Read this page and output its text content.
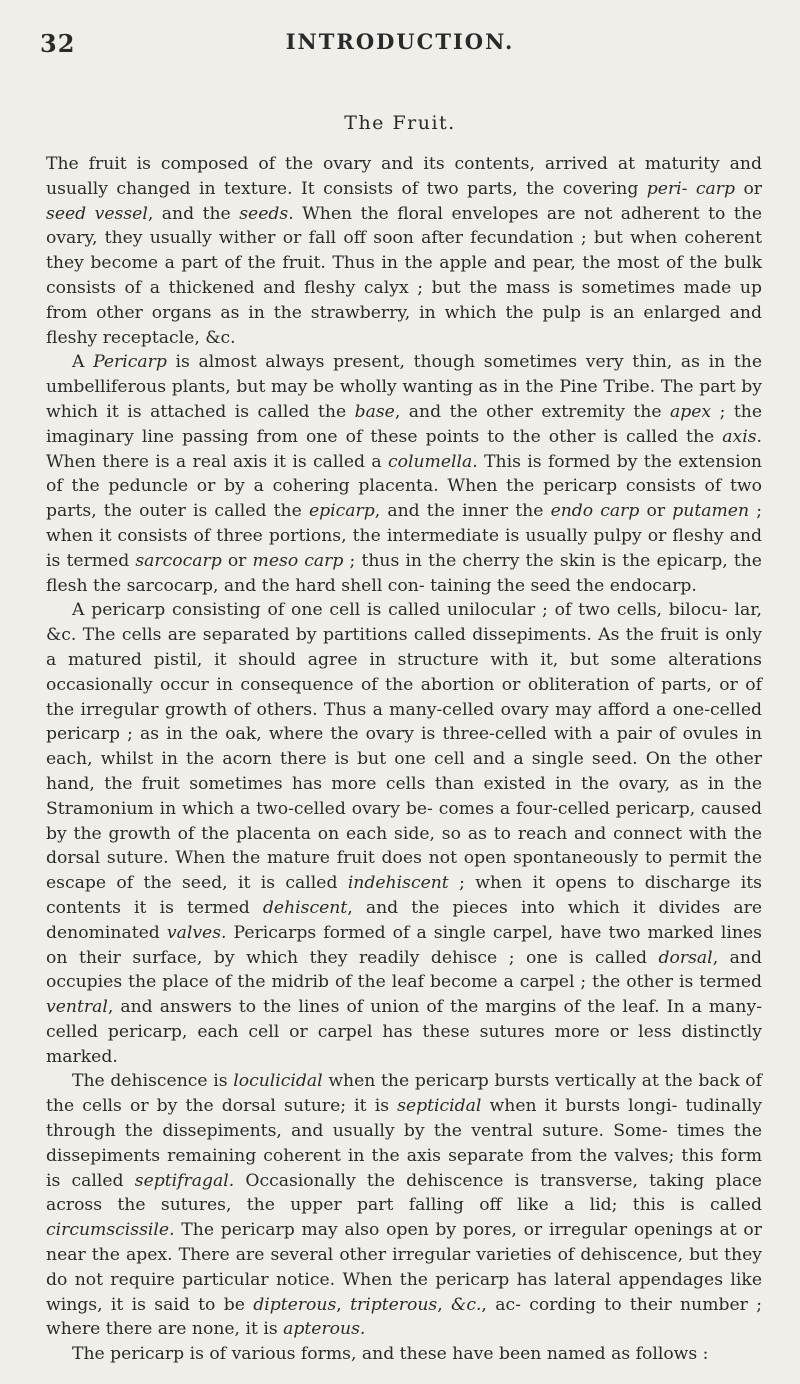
32	INTRODUCTION.
The Fruit.

The fruit is composed of the ovary and its contents, arrived at maturity and usually changed in texture. It consists of two parts, the covering peri- carp or seed vessel, and the seeds. When the floral envelopes are not adherent to the ovary, they usually wither or fall off soon after fecundation ; but when coherent they become a part of the fruit. Thus in the apple and pear, the most of the bulk consists of a thickened and fleshy calyx ; but the mass is sometimes made up from other organs as in the strawberry, in which the pulp is an enlarged and fleshy receptacle, &c.

A Pericarp is almost always present, though sometimes very thin, as in the umbelliferous plants, but may be wholly wanting as in the Pine Tribe. The part by which it is attached is called the base, and the other extremity the apex ; the imaginary line passing from one of these points to the other is called the axis. When there is a real axis it is called a columella. This is formed by the extension of the peduncle or by a cohering placenta. When the pericarp consists of two parts, the outer is called the epicarp, and the inner the endo carp or putamen ; when it consists of three portions, the intermediate is usually pulpy or fleshy and is termed sarcocarp or meso carp ; thus in the cherry the skin is the epicarp, the flesh the sarcocarp, and the hard shell con- taining the seed the endocarp.

A pericarp consisting of one cell is called unilocular ; of two cells, bilocu- lar, &c. The cells are separated by partitions called dissepiments. As the fruit is only a matured pistil, it should agree in structure with it, but some alterations occasionally occur in consequence of the abortion or obliteration of parts, or of the irregular growth of others. Thus a many-celled ovary may afford a one-celled pericarp ; as in the oak, where the ovary is three-celled with a pair of ovules in each, whilst in the acorn there is but one cell and a single seed. On the other hand, the fruit sometimes has more cells than existed in the ovary, as in the Stramonium in which a two-celled ovary be- comes a four-celled pericarp, caused by the growth of the placenta on each side, so as to reach and connect with the dorsal suture. When the mature fruit does not open spontaneously to permit the escape of the seed, it is called indehiscent ; when it opens to discharge its contents it is termed dehiscent, and the pieces into which it divides are denominated valves. Pericarps formed of a single carpel, have two marked lines on their surface, by which they readily dehisce ; one is called dorsal, and occupies the place of the midrib of the leaf become a carpel ; the other is termed ventral, and answers to the lines of union of the margins of the leaf. In a many-celled pericarp, each cell or carpel has these sutures more or less distinctly marked.

The dehiscence is loculicidal when the pericarp bursts vertically at the back of the cells or by the dorsal suture; it is septicidal when it bursts longi- tudinally through the dissepiments, and usually by the ventral suture. Some- times the dissepiments remaining coherent in the axis separate from the valves; this form is called septifragal. Occasionally the dehiscence is transverse, taking place across the sutures, the upper part falling off like a lid; this is called circumscissile. The pericarp may also open by pores, or irregular openings at or near the apex. There are several other irregular varieties of dehiscence, but they do not require particular notice. When the pericarp has lateral appendages like wings, it is said to be dipterous, tripterous, &c., ac- cording to their number ; where there are none, it is apterous.

The pericarp is of various forms, and these have been named as follows :
